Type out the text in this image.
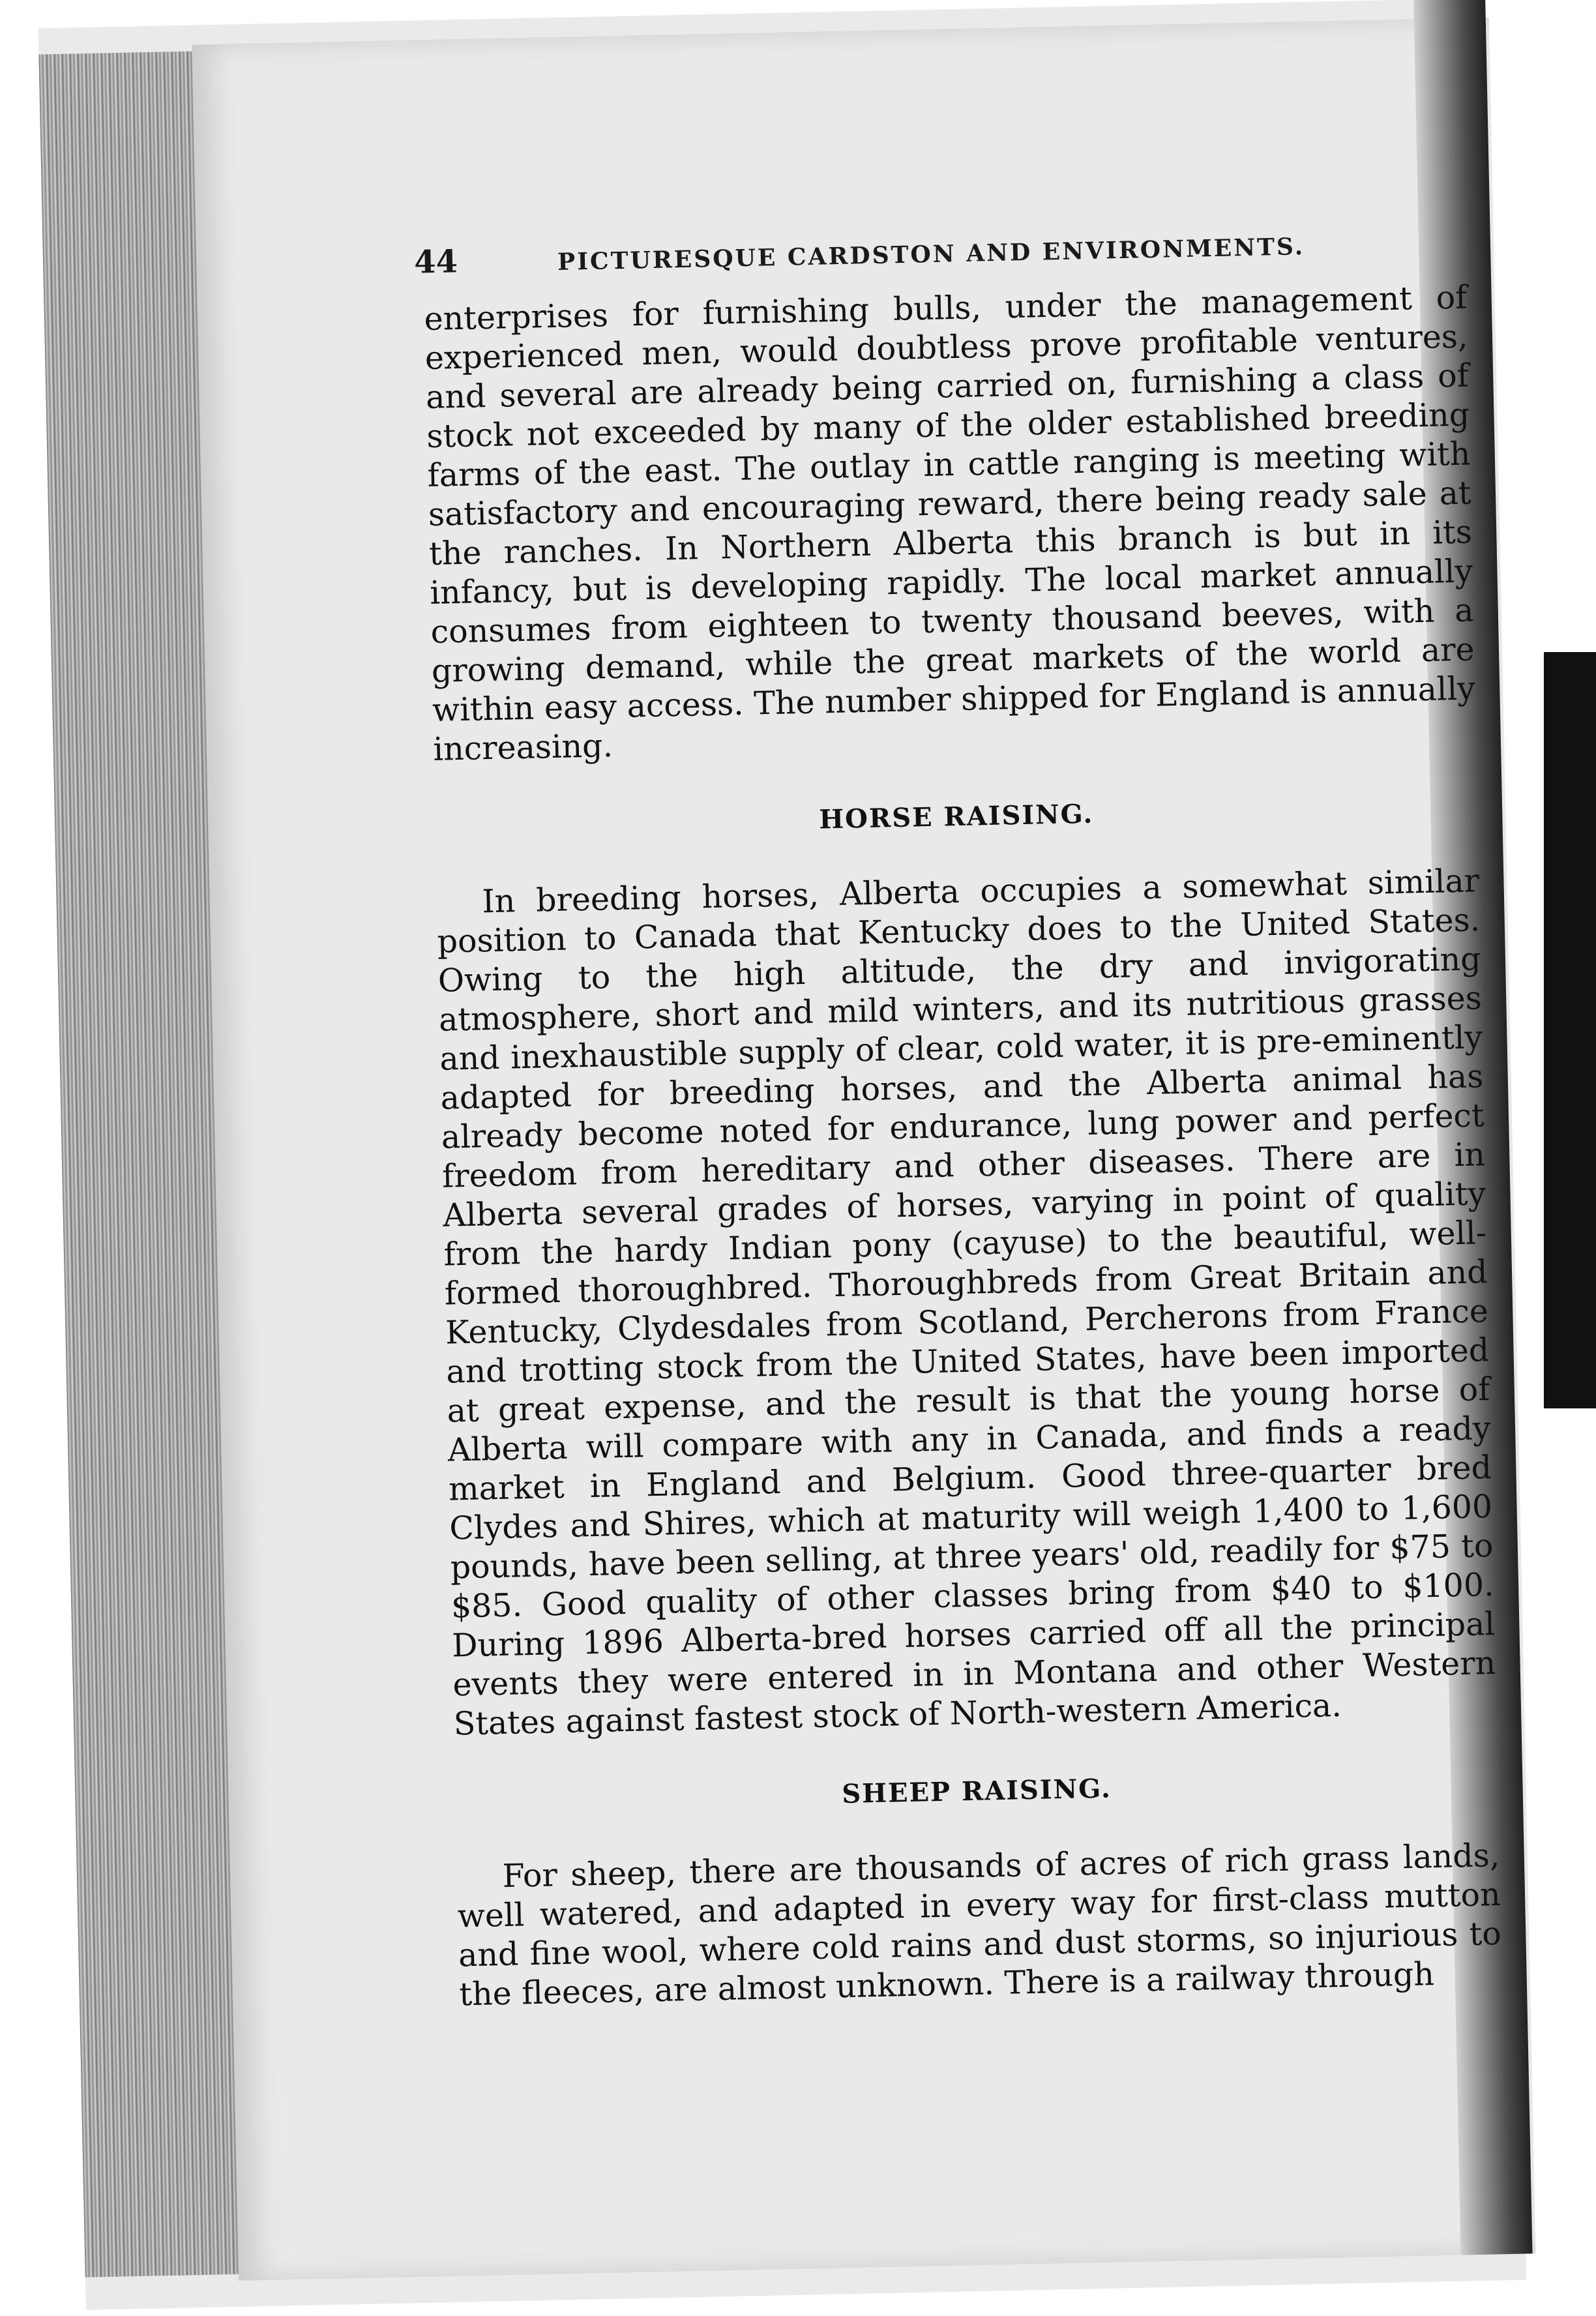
44	PICTURESQUE CARDSTON AND ENVIRONMENTS.

enterprises for furnishing bulls, under the management of experienced men, would doubtless prove profitable ventures, and several are already being carried on, furnishing a class of stock not exceeded by many of the older established breeding farms of the east. The outlay in cattle ranging is meeting with satisfactory and encouraging reward, there being ready sale at the ranches. In Northern Alberta this branch is but in its infancy, but is developing rapidly. The local market annually consumes from eighteen to twenty thousand beeves, with a growing demand, while the great markets of the world are within easy access. The number shipped for England is annually increasing.

HORSE RAISING.

In breeding horses, Alberta occupies a somewhat similar position to Canada that Kentucky does to the United States. Owing to the high altitude, the dry and invigorating atmosphere, short and mild winters, and its nutritious grasses and inexhaustible supply of clear, cold water, it is pre-eminently adapted for breeding horses, and the Alberta animal has already become noted for endurance, lung power and perfect freedom from hereditary and other diseases. There are in Alberta several grades of horses, varying in point of quality from the hardy Indian pony (cayuse) to the beautiful, well-formed thoroughbred. Thoroughbreds from Great Britain and Kentucky, Clydesdales from Scotland, Percherons from France and trotting stock from the United States, have been imported at great expense, and the result is that the young horse of Alberta will compare with any in Canada, and finds a ready market in England and Belgium. Good three-quarter bred Clydes and Shires, which at maturity will weigh 1,400 to 1,600 pounds, have been selling, at three years' old, readily for $75 to $85. Good quality of other classes bring from $40 to $100. During 1896 Alberta-bred horses carried off all the principal events they were entered in in Montana and other Western States against fastest stock of North-western America.

SHEEP RAISING.

For sheep, there are thousands of acres of rich grass lands, well watered, and adapted in every way for first-class mutton and fine wool, where cold rains and dust storms, so injurious to the fleeces, are almost unknown. There is a railway through
